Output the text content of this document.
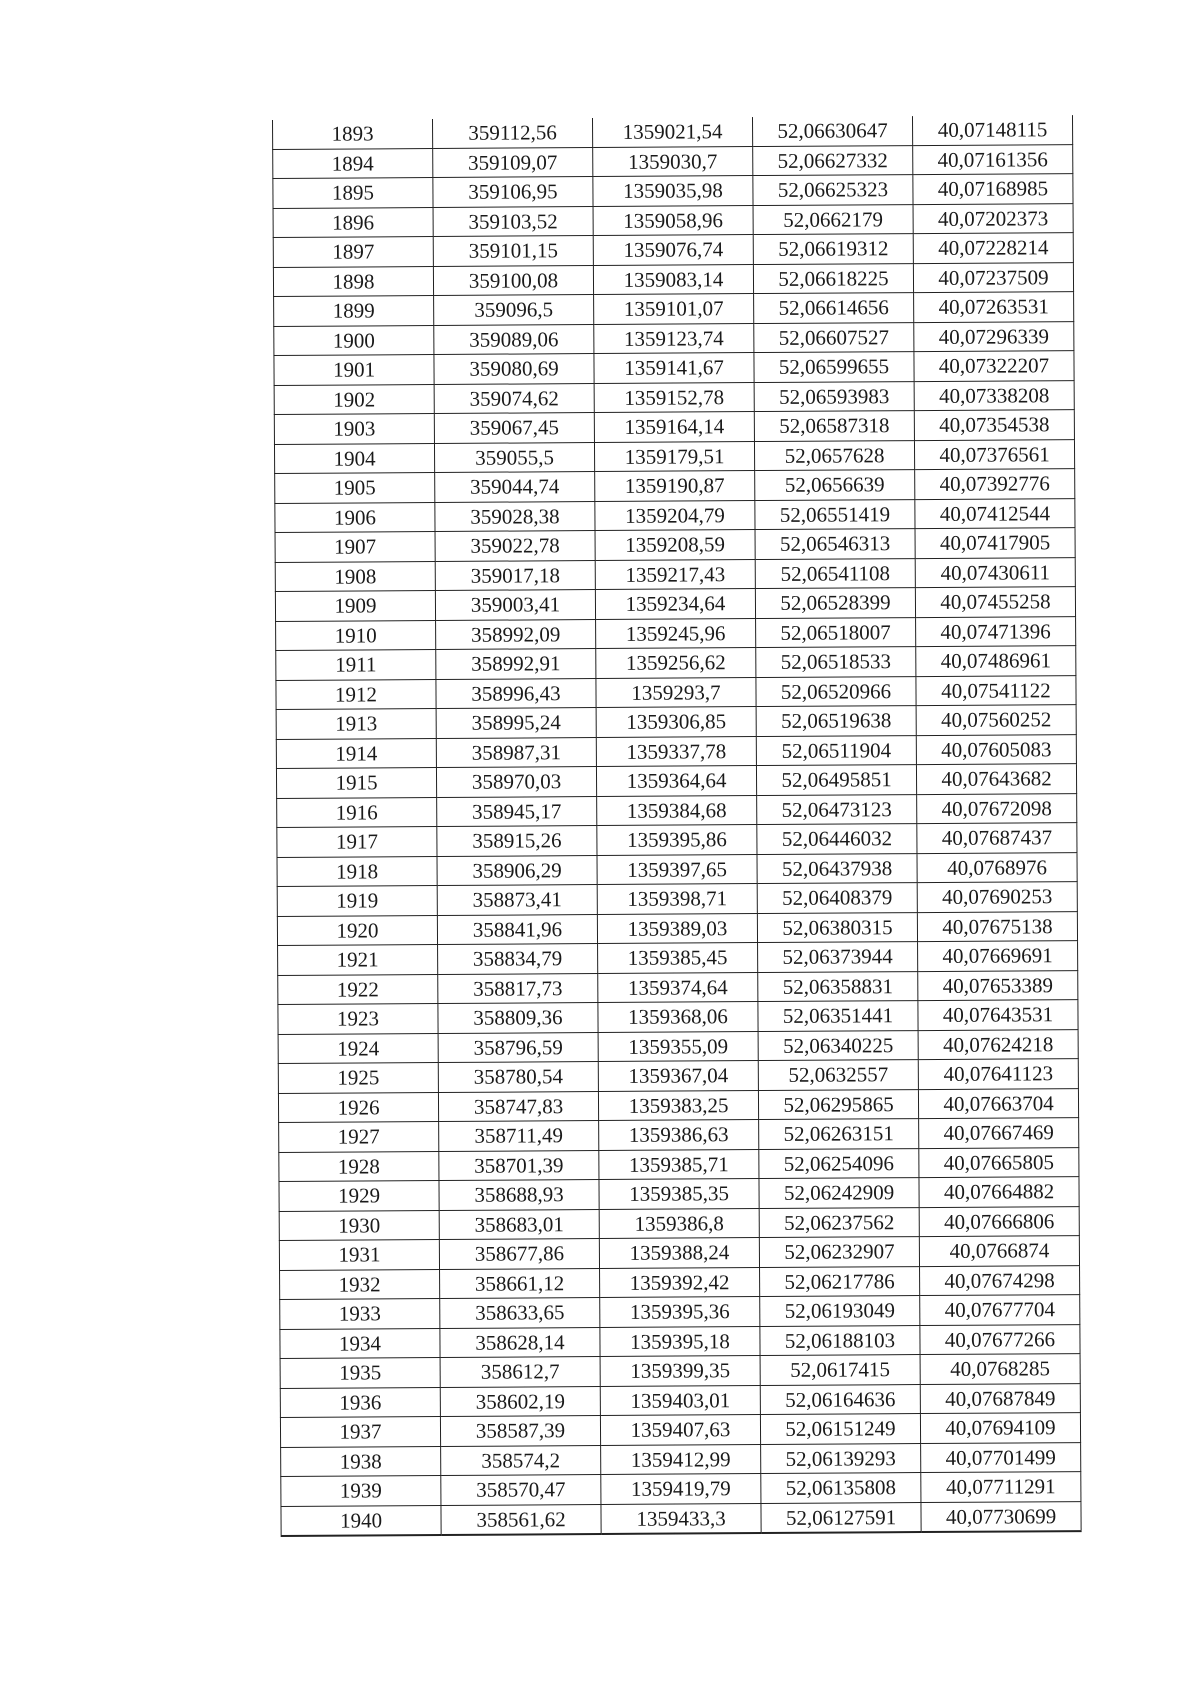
1893	359112,56	1359021,54	52,06630647	40,07148115
1894	359109,07	1359030,7	52,06627332	40,07161356
1895	359106,95	1359035,98	52,06625323	40,07168985
1896	359103,52	1359058,96	52,0662179	40,07202373
1897	359101,15	1359076,74	52,06619312	40,07228214
1898	359100,08	1359083,14	52,06618225	40,07237509
1899	359096,5	1359101,07	52,06614656	40,07263531
1900	359089,06	1359123,74	52,06607527	40,07296339
1901	359080,69	1359141,67	52,06599655	40,07322207
1902	359074,62	1359152,78	52,06593983	40,07338208
1903	359067,45	1359164,14	52,06587318	40,07354538
1904	359055,5	1359179,51	52,0657628	40,07376561
1905	359044,74	1359190,87	52,0656639	40,07392776
1906	359028,38	1359204,79	52,06551419	40,07412544
1907	359022,78	1359208,59	52,06546313	40,07417905
1908	359017,18	1359217,43	52,06541108	40,07430611
1909	359003,41	1359234,64	52,06528399	40,07455258
1910	358992,09	1359245,96	52,06518007	40,07471396
1911	358992,91	1359256,62	52,06518533	40,07486961
1912	358996,43	1359293,7	52,06520966	40,07541122
1913	358995,24	1359306,85	52,06519638	40,07560252
1914	358987,31	1359337,78	52,06511904	40,07605083
1915	358970,03	1359364,64	52,06495851	40,07643682
1916	358945,17	1359384,68	52,06473123	40,07672098
1917	358915,26	1359395,86	52,06446032	40,07687437
1918	358906,29	1359397,65	52,06437938	40,0768976
1919	358873,41	1359398,71	52,06408379	40,07690253
1920	358841,96	1359389,03	52,06380315	40,07675138
1921	358834,79	1359385,45	52,06373944	40,07669691
1922	358817,73	1359374,64	52,06358831	40,07653389
1923	358809,36	1359368,06	52,06351441	40,07643531
1924	358796,59	1359355,09	52,06340225	40,07624218
1925	358780,54	1359367,04	52,0632557	40,07641123
1926	358747,83	1359383,25	52,06295865	40,07663704
1927	358711,49	1359386,63	52,06263151	40,07667469
1928	358701,39	1359385,71	52,06254096	40,07665805
1929	358688,93	1359385,35	52,06242909	40,07664882
1930	358683,01	1359386,8	52,06237562	40,07666806
1931	358677,86	1359388,24	52,06232907	40,0766874
1932	358661,12	1359392,42	52,06217786	40,07674298
1933	358633,65	1359395,36	52,06193049	40,07677704
1934	358628,14	1359395,18	52,06188103	40,07677266
1935	358612,7	1359399,35	52,0617415	40,0768285
1936	358602,19	1359403,01	52,06164636	40,07687849
1937	358587,39	1359407,63	52,06151249	40,07694109
1938	358574,2	1359412,99	52,06139293	40,07701499
1939	358570,47	1359419,79	52,06135808	40,07711291
1940	358561,62	1359433,3	52,06127591	40,07730699
